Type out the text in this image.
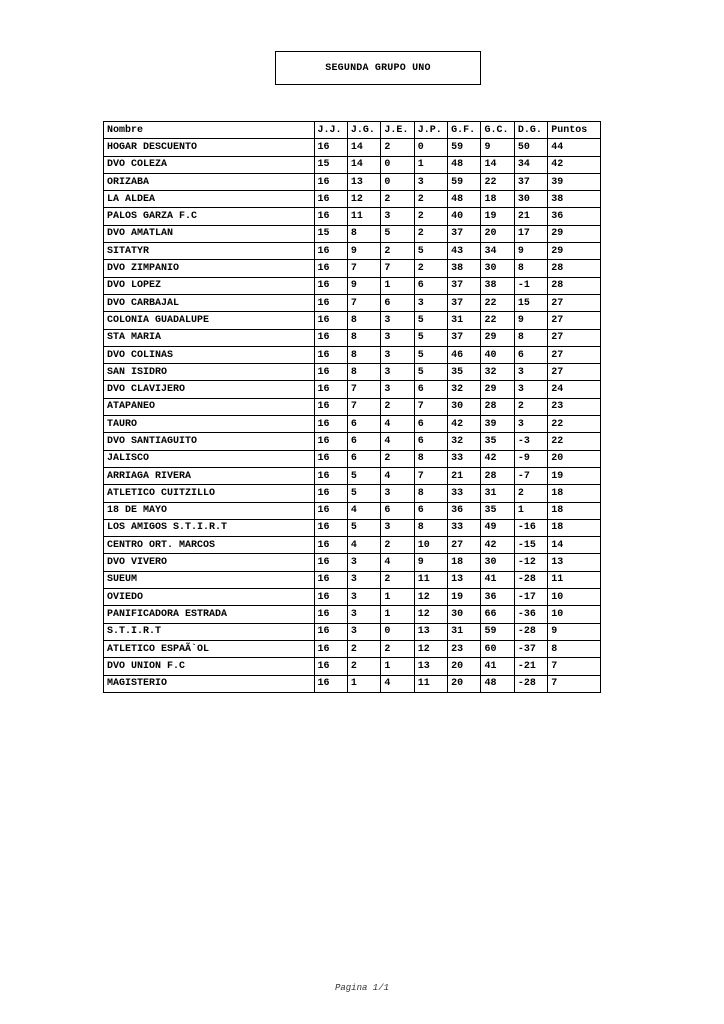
SEGUNDA GRUPO UNO
Nombre	J.J.	J.G.	J.E.	J.P.	G.F.	G.C.	D.G.	Puntos
HOGAR DESCUENTO	16	14	2	0	59	9	50	44
DVO COLEZA	15	14	0	1	48	14	34	42
ORIZABA	16	13	0	3	59	22	37	39
LA ALDEA	16	12	2	2	48	18	30	38
PALOS GARZA F.C	16	11	3	2	40	19	21	36
DVO AMATLAN	15	8	5	2	37	20	17	29
SITATYR	16	9	2	5	43	34	9	29
DVO ZIMPANIO	16	7	7	2	38	30	8	28
DVO LOPEZ	16	9	1	6	37	38	-1	28
DVO CARBAJAL	16	7	6	3	37	22	15	27
COLONIA GUADALUPE	16	8	3	5	31	22	9	27
STA MARIA	16	8	3	5	37	29	8	27
DVO COLINAS	16	8	3	5	46	40	6	27
SAN ISIDRO	16	8	3	5	35	32	3	27
DVO CLAVIJERO	16	7	3	6	32	29	3	24
ATAPANEO	16	7	2	7	30	28	2	23
TAURO	16	6	4	6	42	39	3	22
DVO SANTIAGUITO	16	6	4	6	32	35	-3	22
JALISCO	16	6	2	8	33	42	-9	20
ARRIAGA RIVERA	16	5	4	7	21	28	-7	19
ATLETICO CUITZILLO	16	5	3	8	33	31	2	18
18 DE MAYO	16	4	6	6	36	35	1	18
LOS AMIGOS S.T.I.R.T	16	5	3	8	33	49	-16	18
CENTRO ORT. MARCOS	16	4	2	10	27	42	-15	14
DVO VIVERO	16	3	4	9	18	30	-12	13
SUEUM	16	3	2	11	13	41	-28	11
OVIEDO	16	3	1	12	19	36	-17	10
PANIFICADORA ESTRADA	16	3	1	12	30	66	-36	10
S.T.I.R.T	16	3	0	13	31	59	-28	9
ATLETICO ESPAÃ`OL	16	2	2	12	23	60	-37	8
DVO UNION F.C	16	2	1	13	20	41	-21	7
MAGISTERIO	16	1	4	11	20	48	-28	7
Pagina 1/1
